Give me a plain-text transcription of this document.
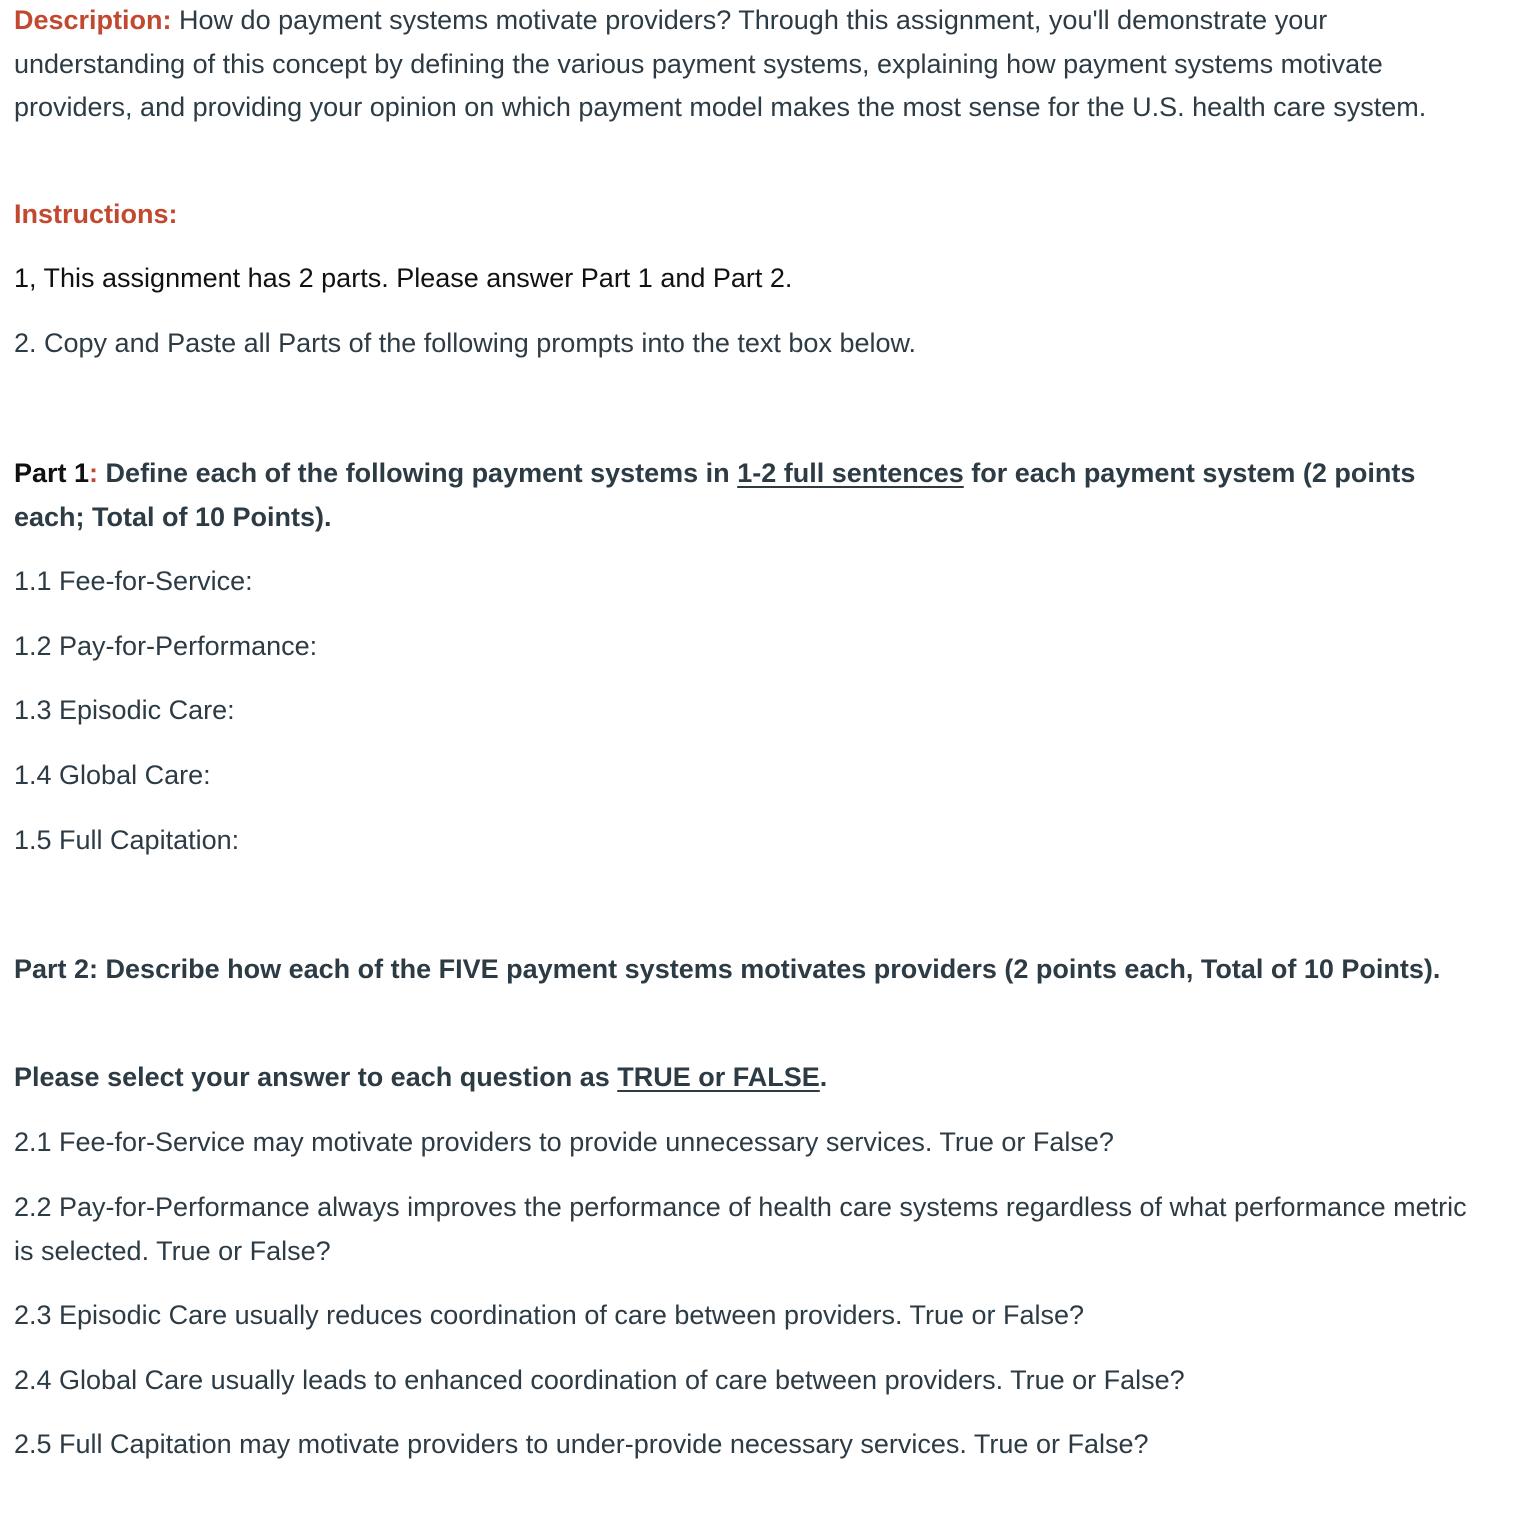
Description: How do payment systems motivate providers? Through this assignment, you'll demonstrate your understanding of this concept by defining the various payment systems, explaining how payment systems motivate providers, and providing your opinion on which payment model makes the most sense for the U.S. health care system.

Instructions:

1, This assignment has 2 parts. Please answer Part 1 and Part 2.

2. Copy and Paste all Parts of the following prompts into the text box below.

Part 1: Define each of the following payment systems in 1-2 full sentences for each payment system (2 points each; Total of 10 Points).

1.1 Fee-for-Service:

1.2 Pay-for-Performance:

1.3 Episodic Care:

1.4 Global Care:

1.5 Full Capitation:

Part 2: Describe how each of the FIVE payment systems motivates providers (2 points each, Total of 10 Points).

Please select your answer to each question as TRUE or FALSE.

2.1 Fee-for-Service may motivate providers to provide unnecessary services. True or False?

2.2 Pay-for-Performance always improves the performance of health care systems regardless of what performance metric is selected. True or False?

2.3 Episodic Care usually reduces coordination of care between providers. True or False?

2.4 Global Care usually leads to enhanced coordination of care between providers. True or False?

2.5 Full Capitation may motivate providers to under-provide necessary services. True or False?
